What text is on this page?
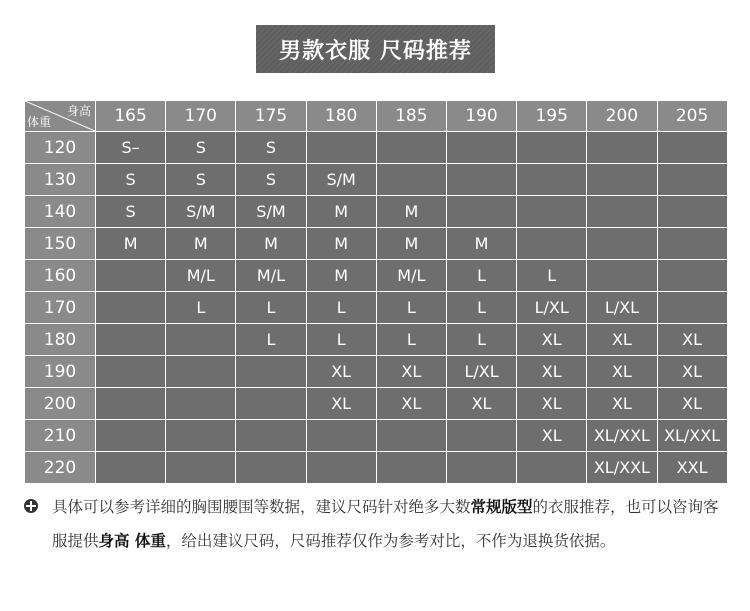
男款衣服 尺码推荐
身高
体重	165	170	175	180	185	190	195	200	205
120	S–	S	S						
130	S	S	S	S/M					
140	S	S/M	S/M	M	M				
150	M	M	M	M	M	M			
160		M/L	M/L	M	M/L	L	L		
170		L	L	L	L	L	L/XL	L/XL	
180			L	L	L	L	XL	XL	XL
190				XL	XL	L/XL	XL	XL	XL
200				XL	XL	XL	XL	XL	XL
210							XL	XL/XXL	XL/XXL
220								XL/XXL	XXL
具体可以参考详细的胸围腰围等数据，建议尺码针对绝多大数常规版型的衣服推荐，也可以咨询客服提供身高 体重，给出建议尺码，尺码推荐仅作为参考对比，不作为退换货依据。
